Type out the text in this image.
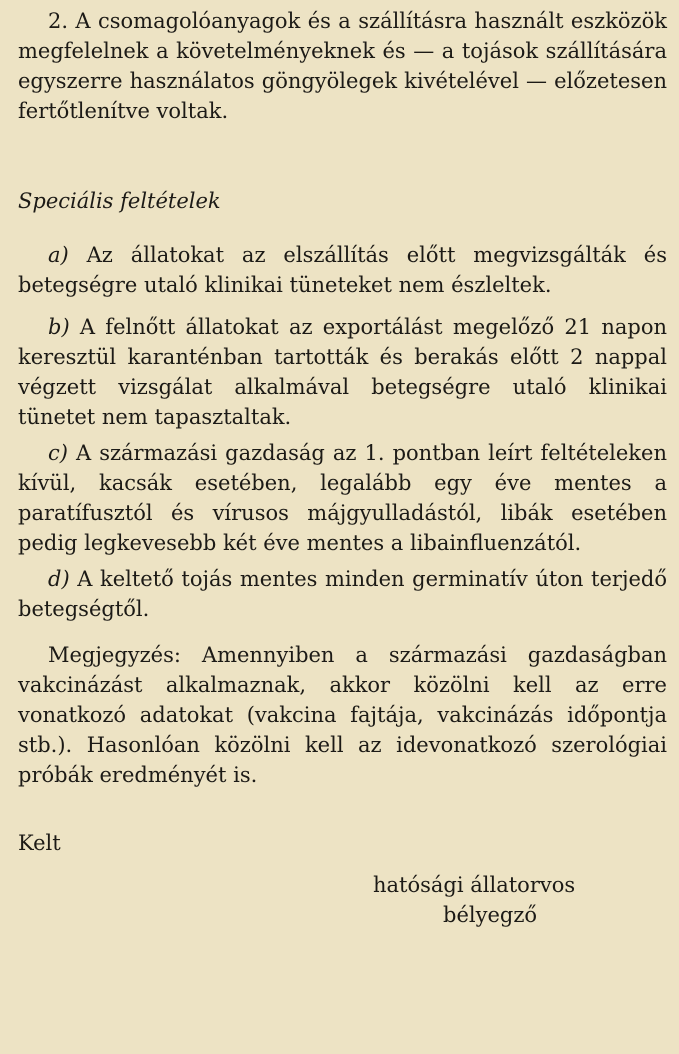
2. A csomagolóanyagok és a szállításra használt eszközök megfelelnek a követelményeknek és — a tojások szállítására egyszerre használatos göngyölegek kivételével — előzetesen fertőtlenítve voltak.

Speciális feltételek

a) Az állatokat az elszállítás előtt megvizsgálták és betegségre utaló klinikai tüneteket nem észleltek.

b) A felnőtt állatokat az exportálást megelőző 21 napon keresztül karanténban tartották és berakás előtt 2 nappal végzett vizsgálat alkalmával betegségre utaló klinikai tünetet nem tapasztaltak.

c) A származási gazdaság az 1. pontban leírt feltételeken kívül, kacsák esetében, legalább egy éve mentes a paratífusztól és vírusos májgyulladástól, libák esetében pedig legkevesebb két éve mentes a libainfluenzától.

d) A keltető tojás mentes minden germinatív úton terjedő betegségtől.

Megjegyzés: Amennyiben a származási gazdaságban vakcinázást alkalmaznak, akkor közölni kell az erre vonatkozó adatokat (vakcina fajtája, vakcinázás időpontja stb.). Hasonlóan közölni kell az idevonatkozó szerológiai próbák eredményét is.

Kelt

hatósági állatorvos
bélyegző
